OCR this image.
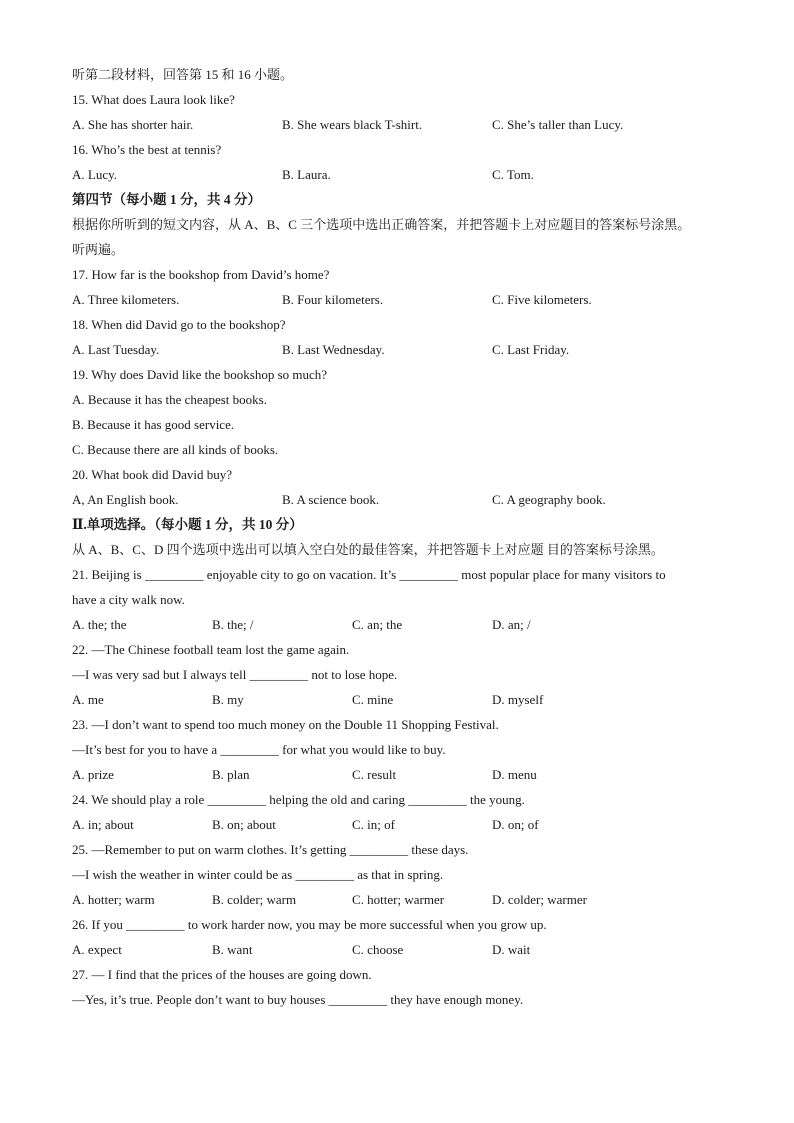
听第二段材料，回答第 15 和 16 小题。
15. What does Laura look like?
A. She has shorter hair.	B. She wears black T-shirt.	C. She’s taller than Lucy.
16. Who’s the best at tennis?
A. Lucy.	B. Laura.	C. Tom.
第四节（每小题 1 分，共 4 分）
根据你所听到的短文内容，从 A、B、C 三个选项中选出正确答案，并把答题卡上对应题目的答案标号涂黑。
听两遍。
17. How far is the bookshop from David’s home?
A. Three kilometers.	B. Four kilometers.	C. Five kilometers.
18. When did David go to the bookshop?
A. Last Tuesday.	B. Last Wednesday.	C. Last Friday.
19. Why does David like the bookshop so much?
A. Because it has the cheapest books.
B. Because it has good service.
C. Because there are all kinds of books.
20. What book did David buy?
A, An English book.	B. A science book.	C. A geography book.
Ⅱ.单项选择。（每小题 1 分，共 10 分）
从 A、B、C、D 四个选项中选出可以填入空白处的最佳答案，并把答题卡上对应题 目的答案标号涂黑。
21. Beijing is _________ enjoyable city to go on vacation. It’s _________ most popular place for many visitors to
have a city walk now.
A. the; the	B. the; /	C. an; the	D. an; /
22. —The Chinese football team lost the game again.
—I was very sad but I always tell _________ not to lose hope.
A. me	B. my	C. mine	D. myself
23. —I don’t want to spend too much money on the Double 11 Shopping Festival.
—It’s best for you to have a _________ for what you would like to buy.
A. prize	B. plan	C. result	D. menu
24. We should play a role _________ helping the old and caring _________ the young.
A. in; about	B. on; about	C. in; of	D. on; of
25. —Remember to put on warm clothes. It’s getting _________ these days.
—I wish the weather in winter could be as _________ as that in spring.
A. hotter; warm	B. colder; warm	C. hotter; warmer	D. colder; warmer
26. If you _________ to work harder now, you may be more successful when you grow up.
A. expect	B. want	C. choose	D. wait
27. — I find that the prices of the houses are going down.
—Yes, it’s true. People don’t want to buy houses _________ they have enough money.
